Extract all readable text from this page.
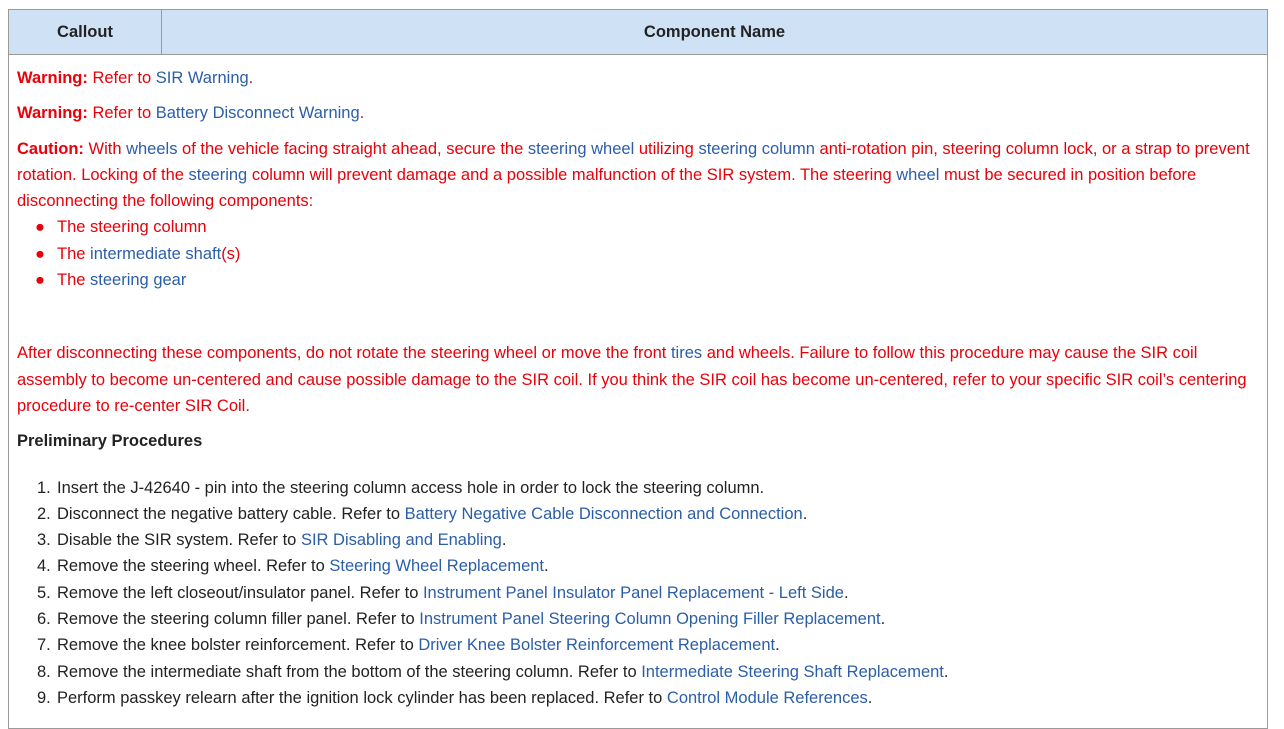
Callout	Component Name

Warning: Refer to SIR Warning.

Warning: Refer to Battery Disconnect Warning.

Caution: With wheels of the vehicle facing straight ahead, secure the steering wheel utilizing steering column anti-rotation pin, steering column lock, or a strap to prevent rotation. Locking of the steering column will prevent damage and a possible malfunction of the SIR system. The steering wheel must be secured in position before disconnecting the following components:

● The steering column
● The intermediate shaft(s)
● The steering gear

After disconnecting these components, do not rotate the steering wheel or move the front tires and wheels. Failure to follow this procedure may cause the SIR coil assembly to become un-centered and cause possible damage to the SIR coil. If you think the SIR coil has become un-centered, refer to your specific SIR coil’s centering procedure to re-center SIR Coil.

Preliminary Procedures

1. Insert the J-42640 - pin into the steering column access hole in order to lock the steering column.
2. Disconnect the negative battery cable. Refer to Battery Negative Cable Disconnection and Connection.
3. Disable the SIR system. Refer to SIR Disabling and Enabling.
4. Remove the steering wheel. Refer to Steering Wheel Replacement.
5. Remove the left closeout/insulator panel. Refer to Instrument Panel Insulator Panel Replacement - Left Side.
6. Remove the steering column filler panel. Refer to Instrument Panel Steering Column Opening Filler Replacement.
7. Remove the knee bolster reinforcement. Refer to Driver Knee Bolster Reinforcement Replacement.
8. Remove the intermediate shaft from the bottom of the steering column. Refer to Intermediate Steering Shaft Replacement.
9. Perform passkey relearn after the ignition lock cylinder has been replaced. Refer to Control Module References.
